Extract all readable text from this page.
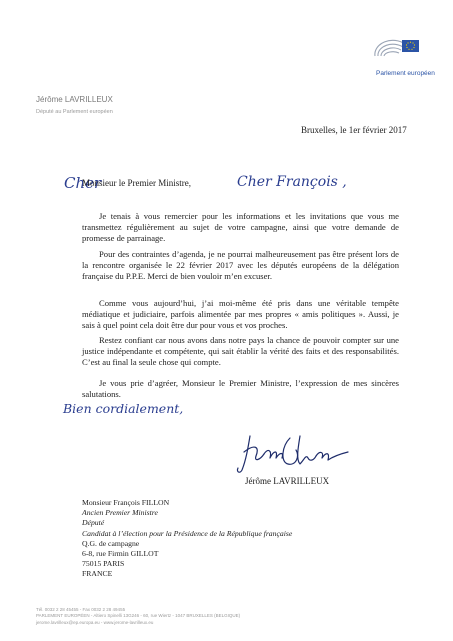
Parlement européen
Jérôme LAVRILLEUX
Député au Parlement européen
Bruxelles, le 1er février 2017
Cher
Monsieur le Premier Ministre,	Cher François ,
Je tenais à vous remercier pour les informations et les invitations que vous me transmettez régulièrement au sujet de votre campagne, ainsi que votre demande de promesse de parrainage.
Pour des contraintes d’agenda, je ne pourrai malheureusement pas être présent lors de la rencontre organisée le 22 février 2017 avec les députés européens de la délégation française du P.P.E. Merci de bien vouloir m’en excuser.
Comme vous aujourd’hui, j’ai moi-même été pris dans une véritable tempête médiatique et judiciaire, parfois alimentée par mes propres « amis politiques ». Aussi, je sais à quel point cela doit être dur pour vous et vos proches.
Restez confiant car nous avons dans notre pays la chance de pouvoir compter sur une justice indépendante et compétente, qui sait établir la vérité des faits et des responsabilités. C’est au final la seule chose qui compte.
Je vous prie d’agréer, Monsieur le Premier Ministre, l’expression de mes sincères salutations.
Bien cordialement,
Jérôme LAVRILLEUX
Monsieur François FILLON
Ancien Premier Ministre
Député
Candidat à l’élection pour la Présidence de la République française
Q.G. de campagne
6-8, rue Firmin GILLOT
75015 PARIS
FRANCE
Tél. 0032 2 28 45455 - Fax 0032 2 28 49455
PARLEMENT EUROPÉEN - Altiero Spinelli 13G246 - 60, rue Wiertz - 1047 BRUXELLES (BELGIQUE)
jerome.lavrilleux@ep.europa.eu - www.jerome-lavrilleux.eu
